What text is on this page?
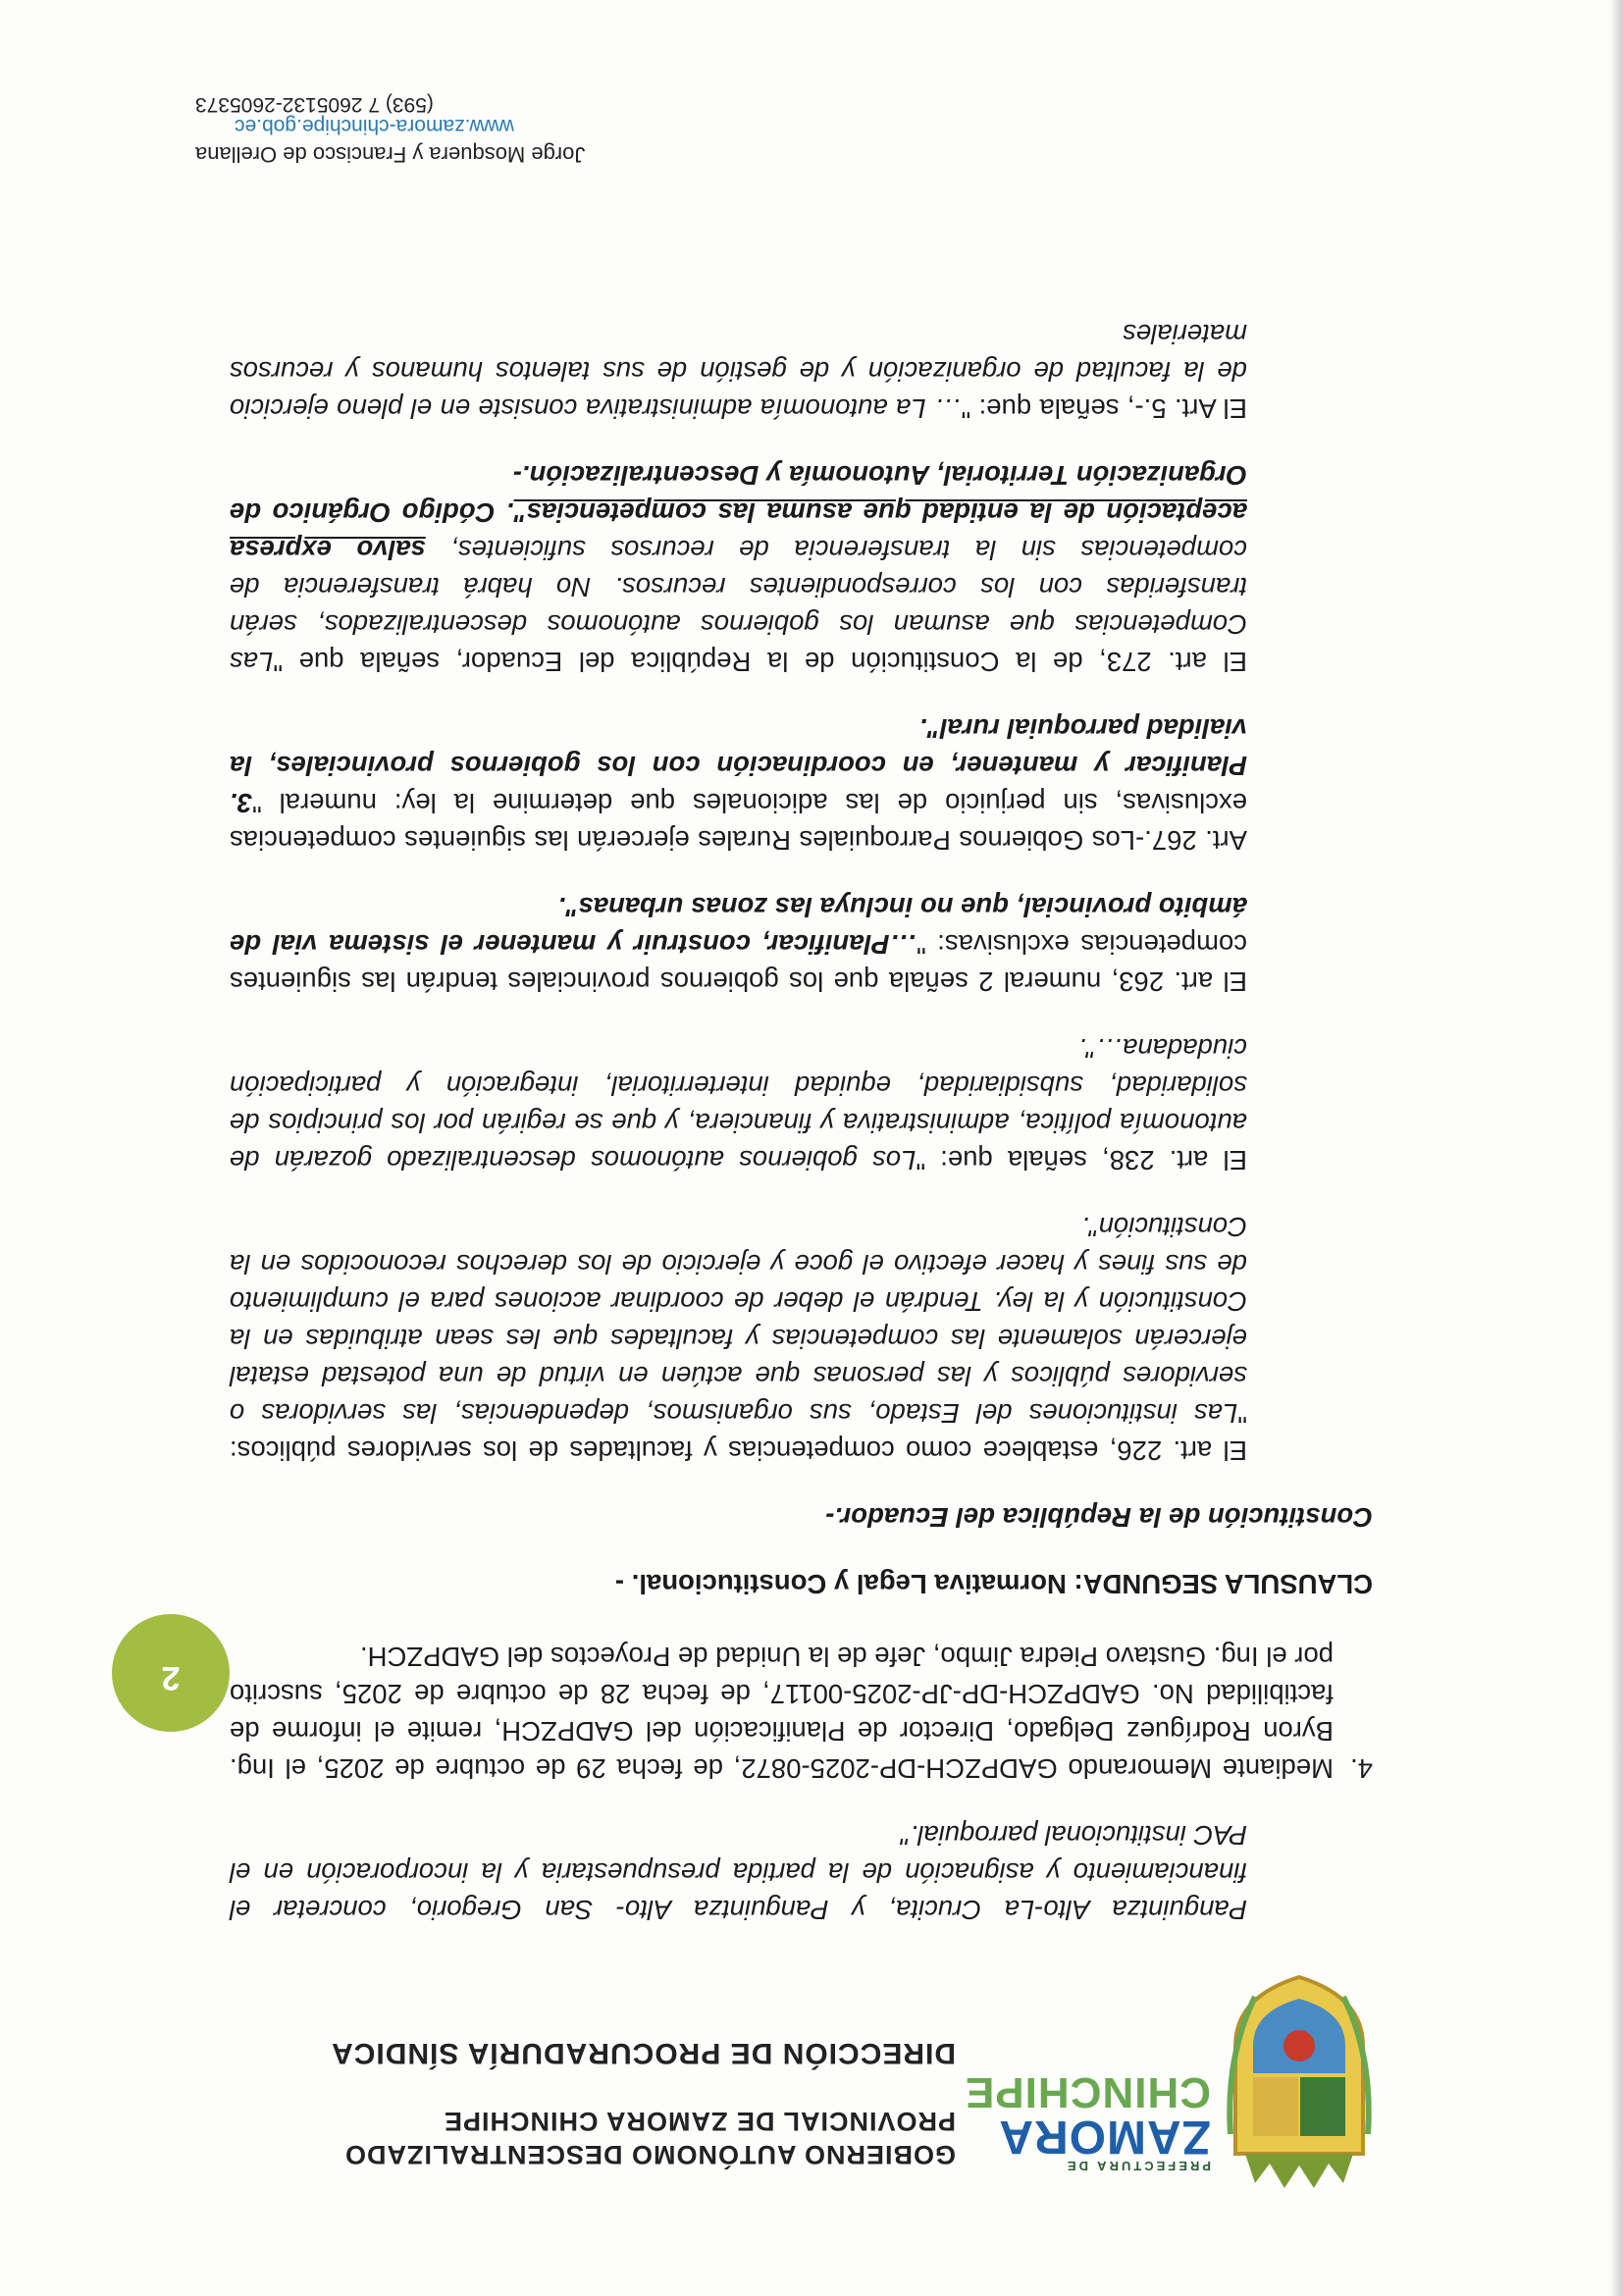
PREFECTURA DE
ZAMORA
CHINCHIPE
GOBIERNO AUTÓNOMO DESCENTRALIZADO
PROVINCIAL DE ZAMORA CHINCHIPE
DIRECCIÓN DE PROCURADURÍA SÍNDICA
2

Panguintza Alto-La Crucita, y Panguintza Alto- San Gregorio, concretar el financiamiento y asignación de la partida presupuestaria y la incorporación en el PAC institucional parroquial."

4.
Mediante Memorando GADPZCH-DP-2025-0872, de fecha 29 de octubre de 2025, el Ing. Byron Rodríguez Delgado, Director de Planificación del GADPZCH, remite el informe de factibilidad No. GADPZCH-DP-JP-2025-00117, de fecha 28 de octubre de 2025, suscrito por el Ing. Gustavo Piedra Jimbo, Jefe de la Unidad de Proyectos del GADPZCH.

CLAUSULA SEGUNDA: Normativa Legal y Constitucional. -

Constitución de la República del Ecuador.-

El art. 226, establece como competencias y facultades de los servidores públicos: "Las instituciones del Estado, sus organismos, dependencias, las servidoras o servidores públicos y las personas que actúen en virtud de una potestad estatal ejercerán solamente las competencias y facultades que les sean atribuidas en la Constitución y la ley. Tendrán el deber de coordinar acciones para el cumplimiento de sus fines y hacer efectivo el goce y ejercicio de los derechos reconocidos en la Constitución".

El art. 238, señala que: "Los gobiernos autónomos descentralizado gozarán de autonomía política, administrativa y financiera, y que se regirán por los principios de solidaridad, subsidiaridad, equidad interterritorial, integración y participación ciudadana…".

El art. 263, numeral 2 señala que los gobiernos provinciales tendrán las siguientes competencias exclusivas: "…Planificar, construir y mantener el sistema vial de ámbito provincial, que no incluya las zonas urbanas".

Art. 267.-Los Gobiernos Parroquiales Rurales ejercerán las siguientes competencias exclusivas, sin perjuicio de las adicionales que determine la ley: numeral "3. Planificar y mantener, en coordinación con los gobiernos provinciales, la vialidad parroquial rural".

El art. 273, de la Constitución de la República del Ecuador, señala que "Las Competencias que asuman los gobiernos autónomos descentralizados, serán transferidas con los correspondientes recursos. No habrá transferencia de competencias sin la transferencia de recursos suficientes, salvo expresa aceptación de la entidad que asuma las competencias". Código Orgánico de Organización Territorial, Autonomía y Descentralización.-

El Art. 5.-, señala que: "… La autonomía administrativa consiste en el pleno ejercicio de la facultad de organización y de gestión de sus talentos humanos y recursos materiales

Jorge Mosquera y Francisco de Orellana
www.zamora-chinchipe.gob.ec
(593) 7 2605132-2605373
